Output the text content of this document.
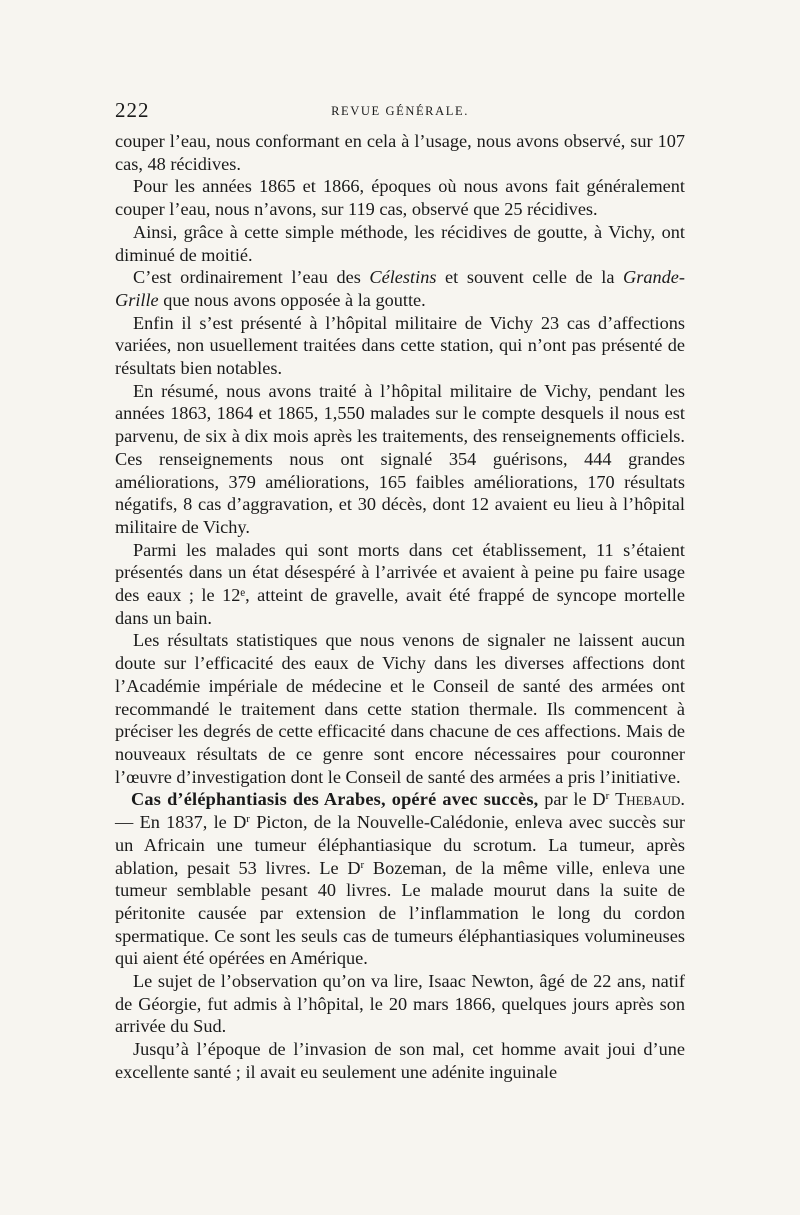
222	REVUE GÉNÉRALE.

couper l’eau, nous conformant en cela à l’usage, nous avons observé, sur 107 cas, 48 récidives.

Pour les années 1865 et 1866, époques où nous avons fait généralement couper l’eau, nous n’avons, sur 119 cas, observé que 25 récidives.

Ainsi, grâce à cette simple méthode, les récidives de goutte, à Vichy, ont diminué de moitié.

C’est ordinairement l’eau des Célestins et souvent celle de la Grande-Grille que nous avons opposée à la goutte.

Enfin il s’est présenté à l’hôpital militaire de Vichy 23 cas d’affections variées, non usuellement traitées dans cette station, qui n’ont pas présenté de résultats bien notables.

En résumé, nous avons traité à l’hôpital militaire de Vichy, pendant les années 1863, 1864 et 1865, 1,550 malades sur le compte desquels il nous est parvenu, de six à dix mois après les traitements, des renseignements officiels. Ces renseignements nous ont signalé 354 guérisons, 444 grandes améliorations, 379 améliorations, 165 faibles améliorations, 170 résultats négatifs, 8 cas d’aggravation, et 30 décès, dont 12 avaient eu lieu à l’hôpital militaire de Vichy.

Parmi les malades qui sont morts dans cet établissement, 11 s’étaient présentés dans un état désespéré à l’arrivée et avaient à peine pu faire usage des eaux ; le 12ᵉ, atteint de gravelle, avait été frappé de syncope mortelle dans un bain.

Les résultats statistiques que nous venons de signaler ne laissent aucun doute sur l’efficacité des eaux de Vichy dans les diverses affections dont l’Académie impériale de médecine et le Conseil de santé des armées ont recommandé le traitement dans cette station thermale. Ils commencent à préciser les degrés de cette efficacité dans chacune de ces affections. Mais de nouveaux résultats de ce genre sont encore nécessaires pour couronner l’œuvre d’investigation dont le Conseil de santé des armées a pris l’initiative.

Cas d’éléphantiasis des Arabes, opéré avec succès, par le $D^r$ Thebaud. — En 1837, le $D^r$ Picton, de la Nouvelle-Calédonie, enleva avec succès sur un Africain une tumeur éléphantiasique du scrotum. La tumeur, après ablation, pesait 53 livres. Le $D^r$ Bozeman, de la même ville, enleva une tumeur semblable pesant 40 livres. Le malade mourut dans la suite de péritonite causée par extension de l’inflammation le long du cordon spermatique. Ce sont les seuls cas de tumeurs éléphantiasiques volumineuses qui aient été opérées en Amérique.

Le sujet de l’observation qu’on va lire, Isaac Newton, âgé de 22 ans, natif de Géorgie, fut admis à l’hôpital, le 20 mars 1866, quelques jours après son arrivée du Sud.

Jusqu’à l’époque de l’invasion de son mal, cet homme avait joui d’une excellente santé ; il avait eu seulement une adénite inguinale
